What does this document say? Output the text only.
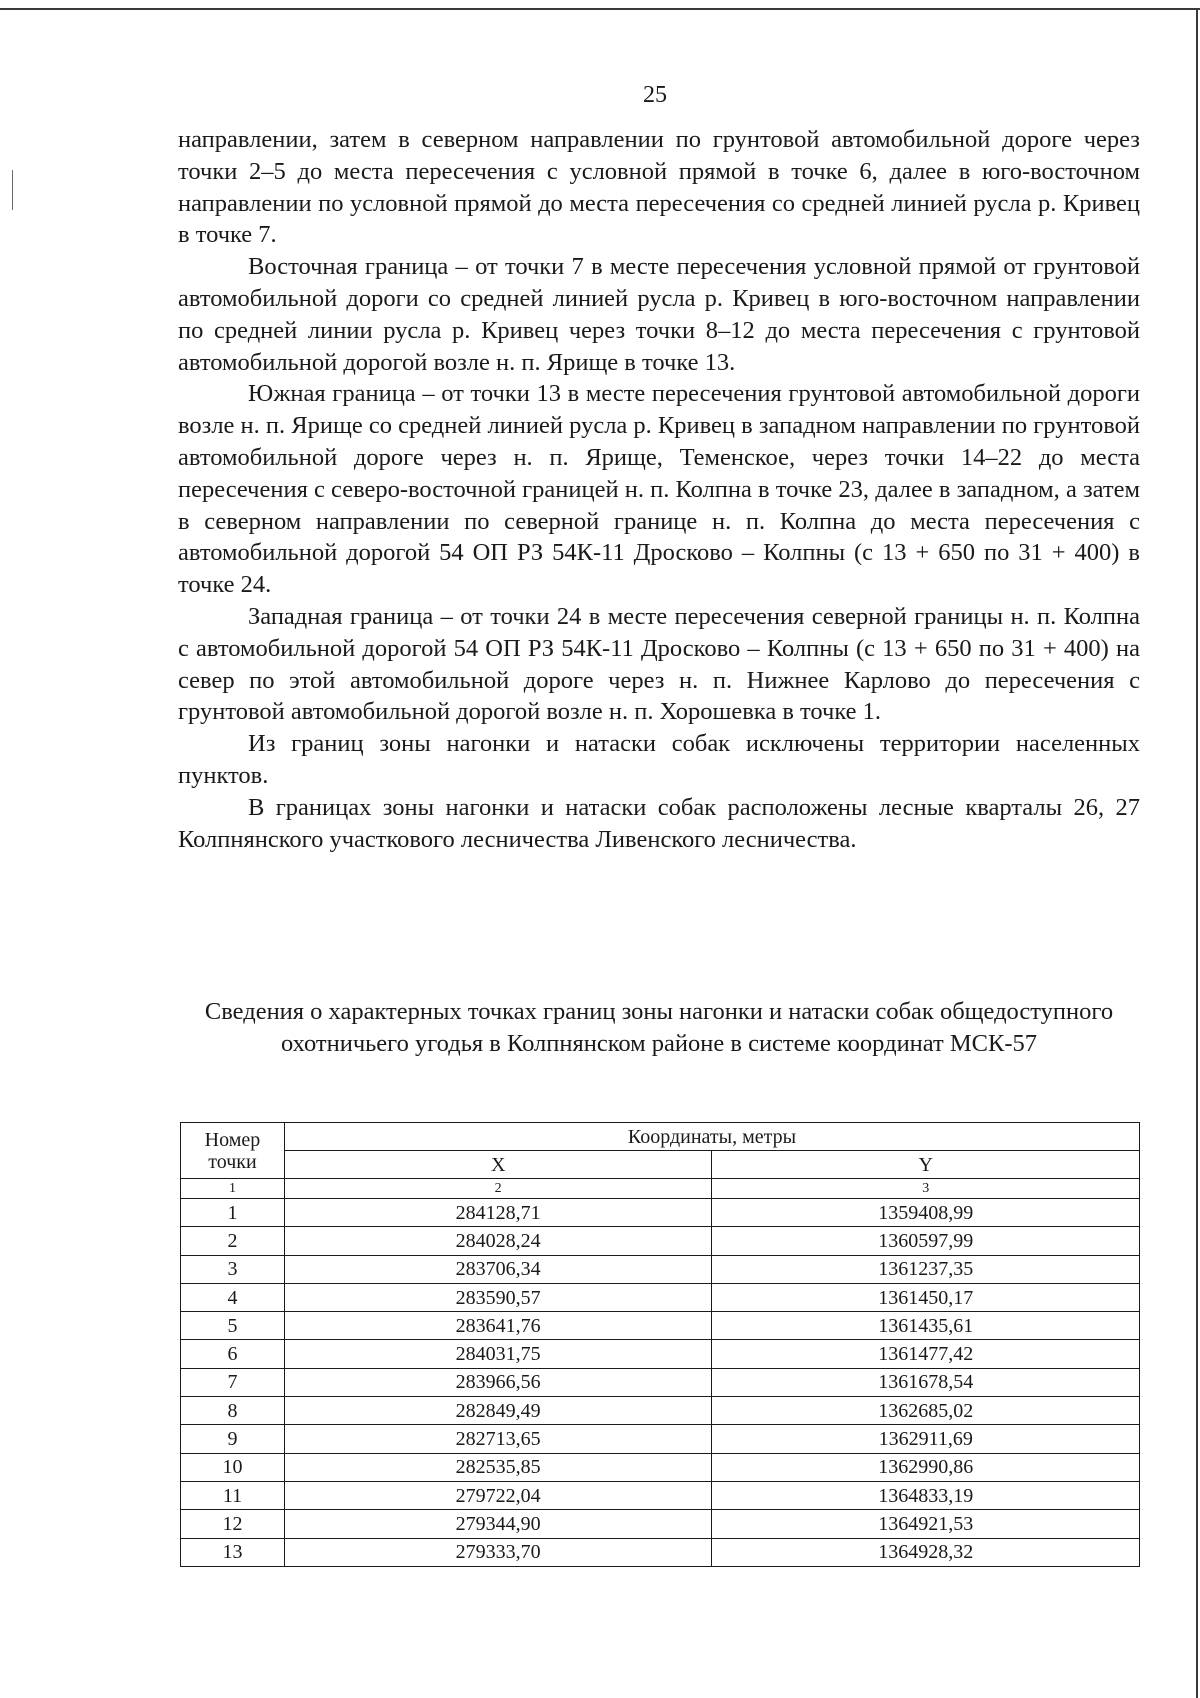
25

направлении, затем в северном направлении по грунтовой автомобильной дороге через точки 2–5 до места пересечения с условной прямой в точке 6, далее в юго-восточном направлении по условной прямой до места пересечения со средней линией русла р. Кривец в точке 7.

Восточная граница – от точки 7 в месте пересечения условной прямой от грунтовой автомобильной дороги со средней линией русла р. Кривец в юго-восточном направлении по средней линии русла р. Кривец через точки 8–12 до места пересечения с грунтовой автомобильной дорогой возле н. п. Ярище в точке 13.

Южная граница – от точки 13 в месте пересечения грунтовой автомобильной дороги возле н. п. Ярище со средней линией русла р. Кривец в западном направлении по грунтовой автомобильной дороге через н. п. Ярище, Теменское, через точки 14–22 до места пересечения с северо-восточной границей н. п. Колпна в точке 23, далее в западном, а затем в северном направлении по северной границе н. п. Колпна до места пересечения с автомобильной дорогой 54 ОП РЗ 54К-11 Дросково – Колпны (с 13 + 650 по 31 + 400) в точке 24.

Западная граница – от точки 24 в месте пересечения северной границы н. п. Колпна с автомобильной дорогой 54 ОП РЗ 54К-11 Дросково – Колпны (с 13 + 650 по 31 + 400) на север по этой автомобильной дороге через н. п. Нижнее Карлово до пересечения с грунтовой автомобильной дорогой возле н. п. Хорошевка в точке 1.

Из границ зоны нагонки и натаски собак исключены территории населенных пунктов.

В границах зоны нагонки и натаски собак расположены лесные кварталы 26, 27 Колпнянского участкового лесничества Ливенского лесничества.

Сведения о характерных точках границ зоны нагонки и натаски собак общедоступного охотничьего угодья в Колпнянском районе в системе координат МСК-57
Номер точки	Координаты, метры	
	X	Y
1	2	3
1	284128,71	1359408,99
2	284028,24	1360597,99
3	283706,34	1361237,35
4	283590,57	1361450,17
5	283641,76	1361435,61
6	284031,75	1361477,42
7	283966,56	1361678,54
8	282849,49	1362685,02
9	282713,65	1362911,69
10	282535,85	1362990,86
11	279722,04	1364833,19
12	279344,90	1364921,53
13	279333,70	1364928,32
